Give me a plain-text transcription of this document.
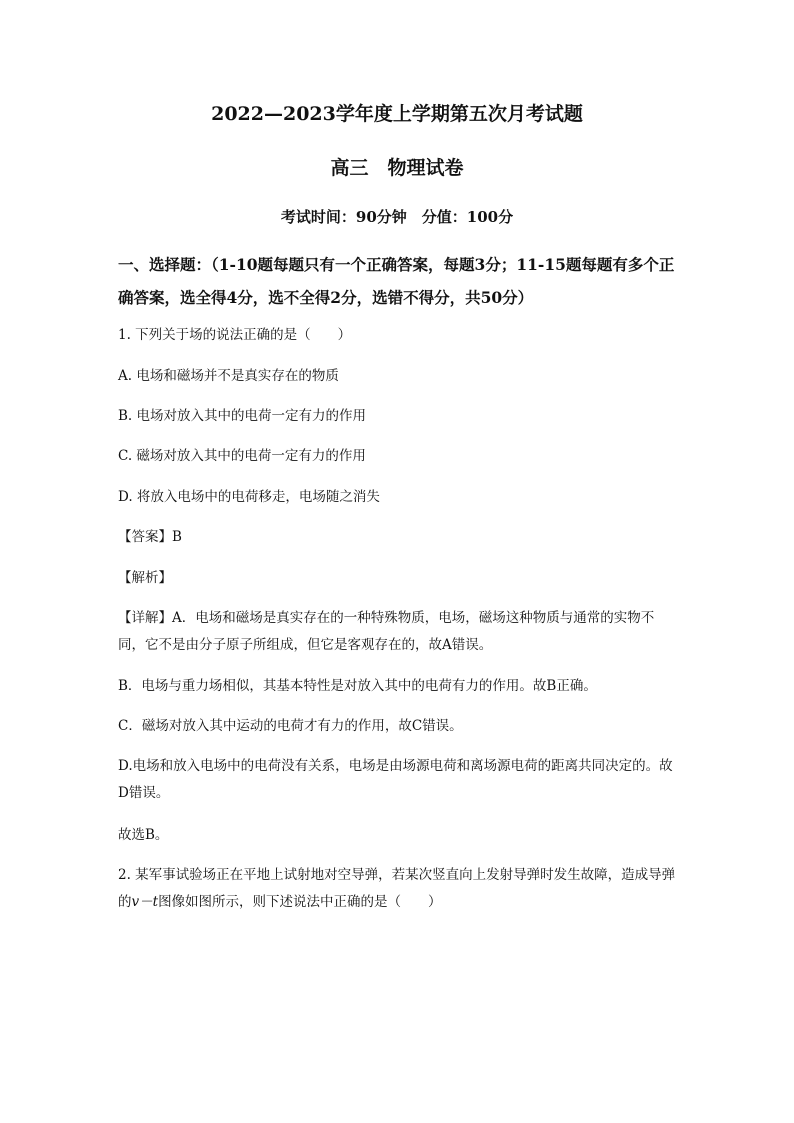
2022—2023学年度上学期第五次月考试题

高三　物理试卷

考试时间：90分钟　分值：100分

一、选择题：（1-10题每题只有一个正确答案，每题3分；11-15题每题有多个正确答案，选全得4分，选不全得2分，选错不得分，共50分）

1. 下列关于场的说法正确的是（　　）

A. 电场和磁场并不是真实存在的物质

B. 电场对放入其中的电荷一定有力的作用

C. 磁场对放入其中的电荷一定有力的作用

D. 将放入电场中的电荷移走，电场随之消失

【答案】B

【解析】

【详解】A．电场和磁场是真实存在的一种特殊物质，电场，磁场这种物质与通常的实物不同，它不是由分子原子所组成，但它是客观存在的，故A错误。

B．电场与重力场相似，其基本特性是对放入其中的电荷有力的作用。故B正确。

C．磁场对放入其中运动的电荷才有力的作用，故C错误。

D.电场和放入电场中的电荷没有关系，电场是由场源电荷和离场源电荷的距离共同决定的。故D错误。

故选B。

2. 某军事试验场正在平地上试射地对空导弹，若某次竖直向上发射导弹时发生故障，造成导弹的v－t图像如图所示，则下述说法中正确的是（　　）
